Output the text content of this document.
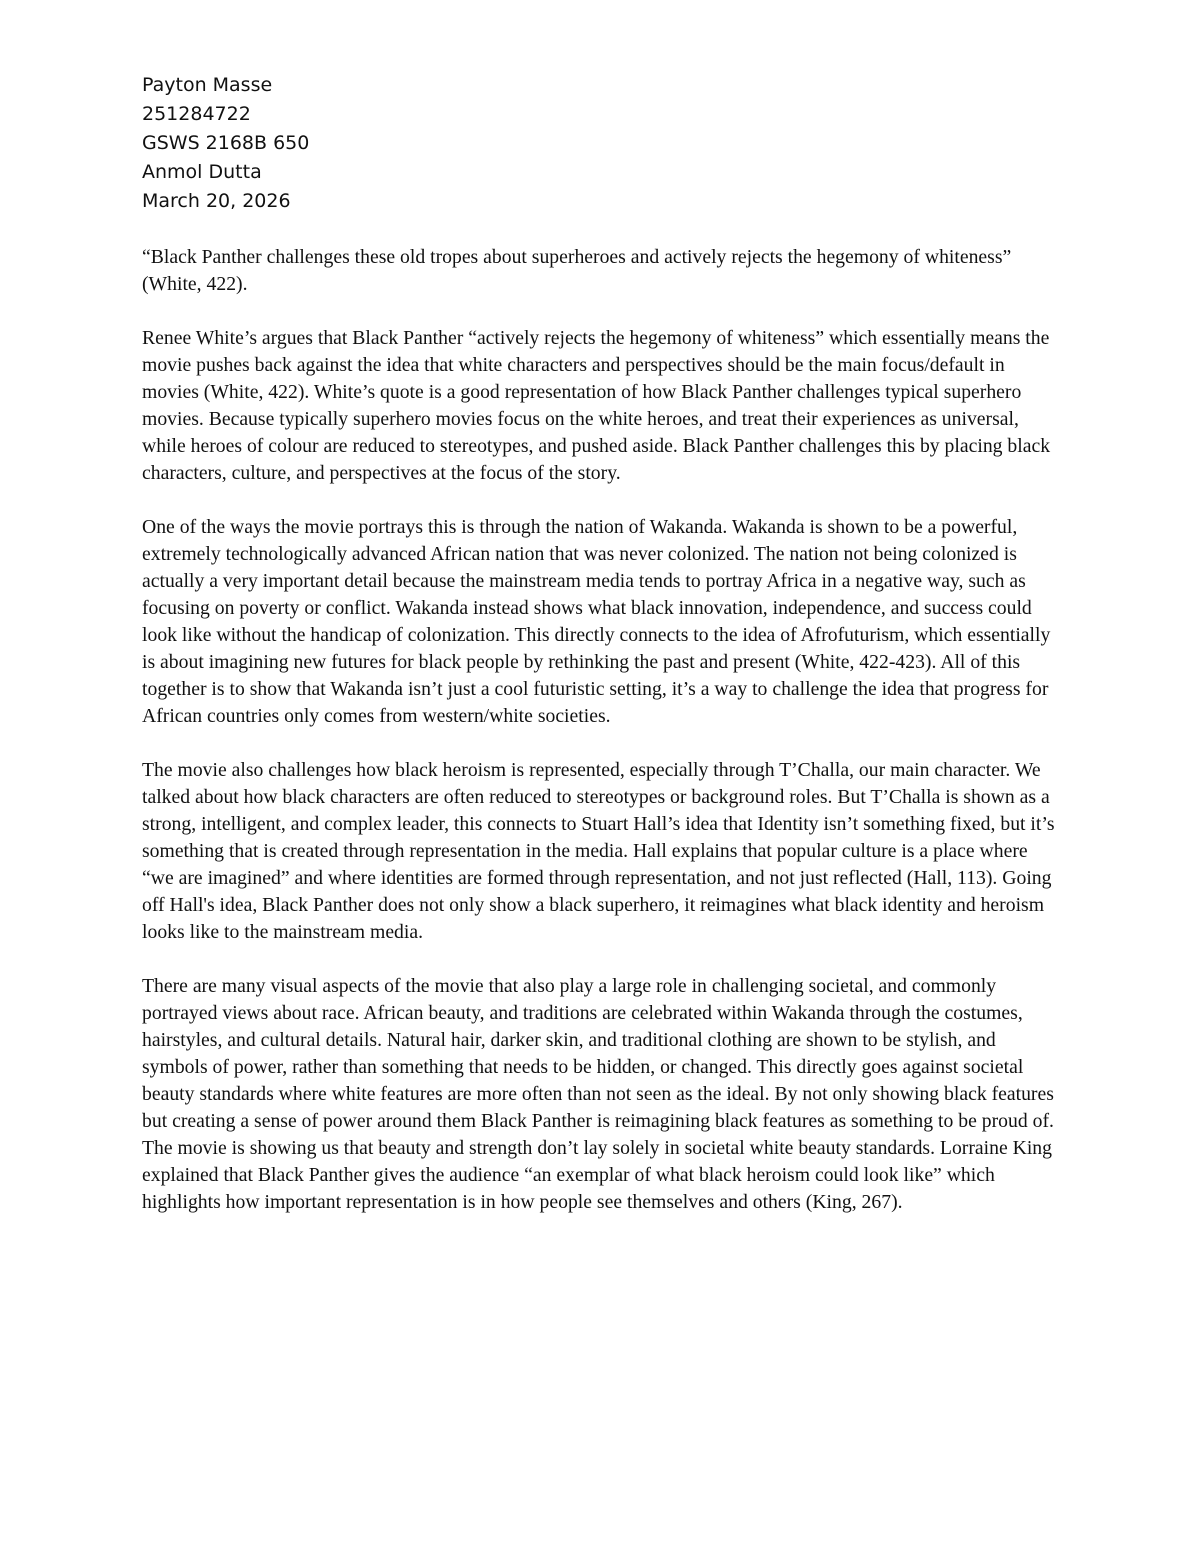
Payton Masse
251284722
GSWS 2168B 650
Anmol Dutta
March 20, 2026

“Black Panther challenges these old tropes about superheroes and actively rejects the hegemony of whiteness” (White, 422).

Renee White’s argues that Black Panther “actively rejects the hegemony of whiteness” which essentially means the movie pushes back against the idea that white characters and perspectives should be the main focus/default in movies (White, 422). White’s quote is a good representation of how Black Panther challenges typical superhero movies. Because typically superhero movies focus on the white heroes, and treat their experiences as universal, while heroes of colour are reduced to stereotypes, and pushed aside. Black Panther challenges this by placing black characters, culture, and perspectives at the focus of the story.

One of the ways the movie portrays this is through the nation of Wakanda. Wakanda is shown to be a powerful, extremely technologically advanced African nation that was never colonized. The nation not being colonized is actually a very important detail because the mainstream media tends to portray Africa in a negative way, such as focusing on poverty or conflict. Wakanda instead shows what black innovation, independence, and success could look like without the handicap of colonization. This directly connects to the idea of Afrofuturism, which essentially is about imagining new futures for black people by rethinking the past and present (White, 422-423). All of this together is to show that Wakanda isn’t just a cool futuristic setting, it’s a way to challenge the idea that progress for African countries only comes from western/white societies.

The movie also challenges how black heroism is represented, especially through T’Challa, our main character. We talked about how black characters are often reduced to stereotypes or background roles. But T’Challa is shown as a strong, intelligent, and complex leader, this connects to Stuart Hall’s idea that Identity isn’t something fixed, but it’s something that is created through representation in the media. Hall explains that popular culture is a place where “we are imagined” and where identities are formed through representation, and not just reflected (Hall, 113). Going off Hall's idea, Black Panther does not only show a black superhero, it reimagines what black identity and heroism looks like to the mainstream media.

There are many visual aspects of the movie that also play a large role in challenging societal, and commonly portrayed views about race. African beauty, and traditions are celebrated within Wakanda through the costumes, hairstyles, and cultural details. Natural hair, darker skin, and traditional clothing are shown to be stylish, and symbols of power, rather than something that needs to be hidden, or changed. This directly goes against societal beauty standards where white features are more often than not seen as the ideal. By not only showing black features but creating a sense of power around them Black Panther is reimagining black features as something to be proud of. The movie is showing us that beauty and strength don’t lay solely in societal white beauty standards. Lorraine King explained that Black Panther gives the audience “an exemplar of what black heroism could look like” which highlights how important representation is in how people see themselves and others (King, 267).
